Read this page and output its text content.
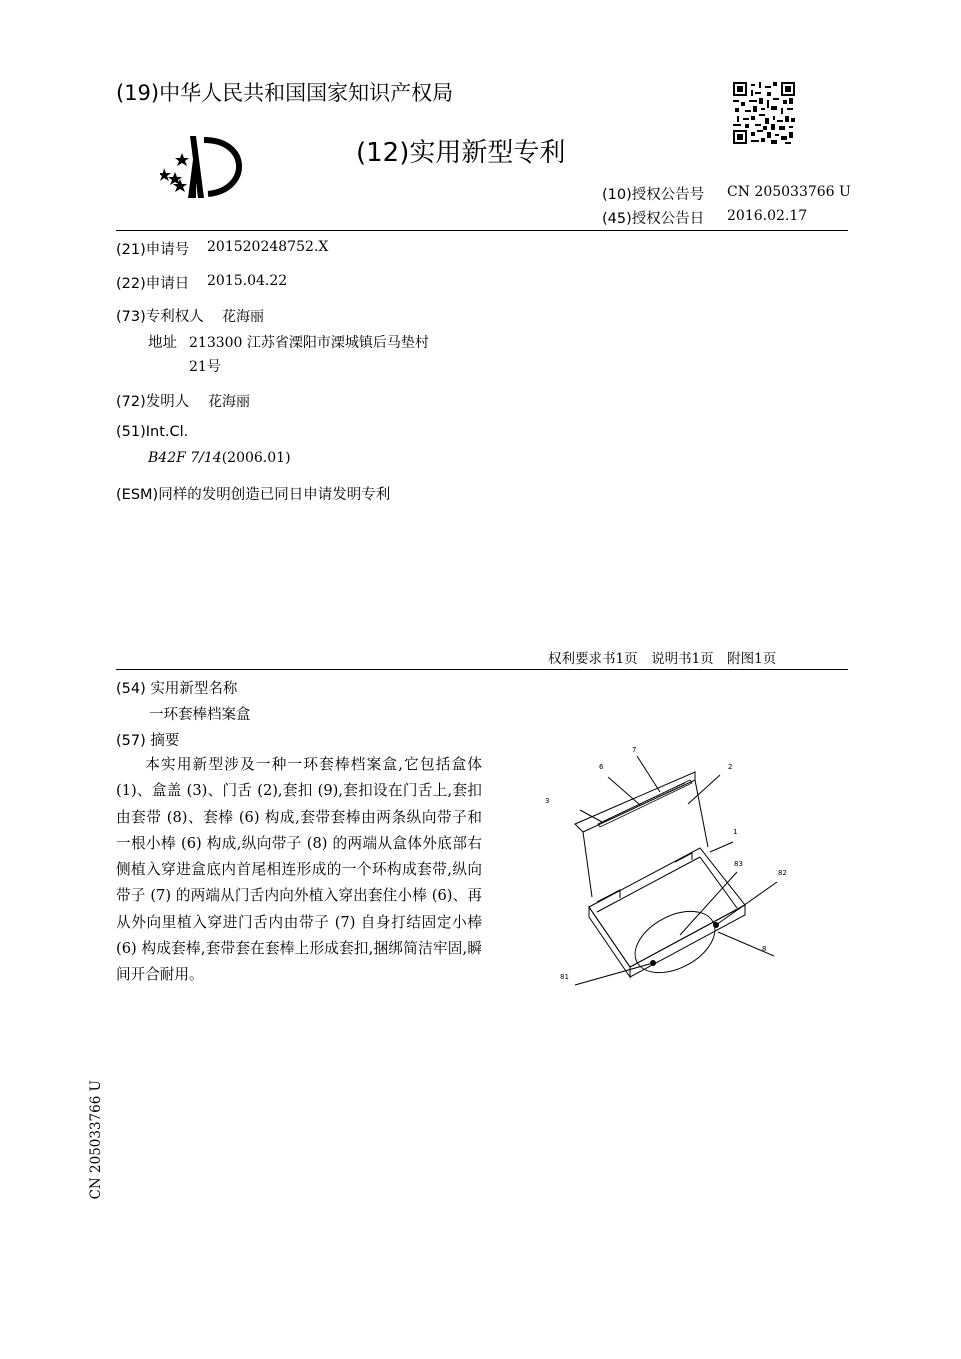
(19)中华人民共和国国家知识产权局
(12)实用新型专利
(10)授权公告号 CN 205033766 U
(45)授权公告日 2016.02.17
(21)申请号 201520248752.X
(22)申请日 2015.04.22
(73)专利权人 花海丽
地址 213300 江苏省溧阳市溧城镇后马垫村
21号
(72)发明人 花海丽
(51)Int.Cl.
B42F 7/14(2006.01)
(ESM)同样的发明创造已同日申请发明专利
权利要求书1页　说明书1页　附图1页
(54) 实用新型名称
一环套棒档案盒
(57) 摘要

本实用新型涉及一种一环套棒档案盒,它包括盒体 (1)、盒盖 (3)、门舌 (2),套扣 (9),套扣设在门舌上,套扣由套带 (8)、套棒 (6) 构成,套带套棒由两条纵向带子和一根小棒 (6) 构成,纵向带子 (8) 的两端从盒体外底部右侧植入穿进盒底内首尾相连形成的一个环构成套带,纵向带子 (7) 的两端从门舌内向外植入穿出套住小棒 (6)、再从外向里植入穿进门舌内由带子 (7) 自身打结固定小棒 (6) 构成套棒,套带套在套棒上形成套扣,捆绑简洁牢固,瞬间开合耐用。

7
6	2
3
1
83
82
8
81
CN 205033766 U
